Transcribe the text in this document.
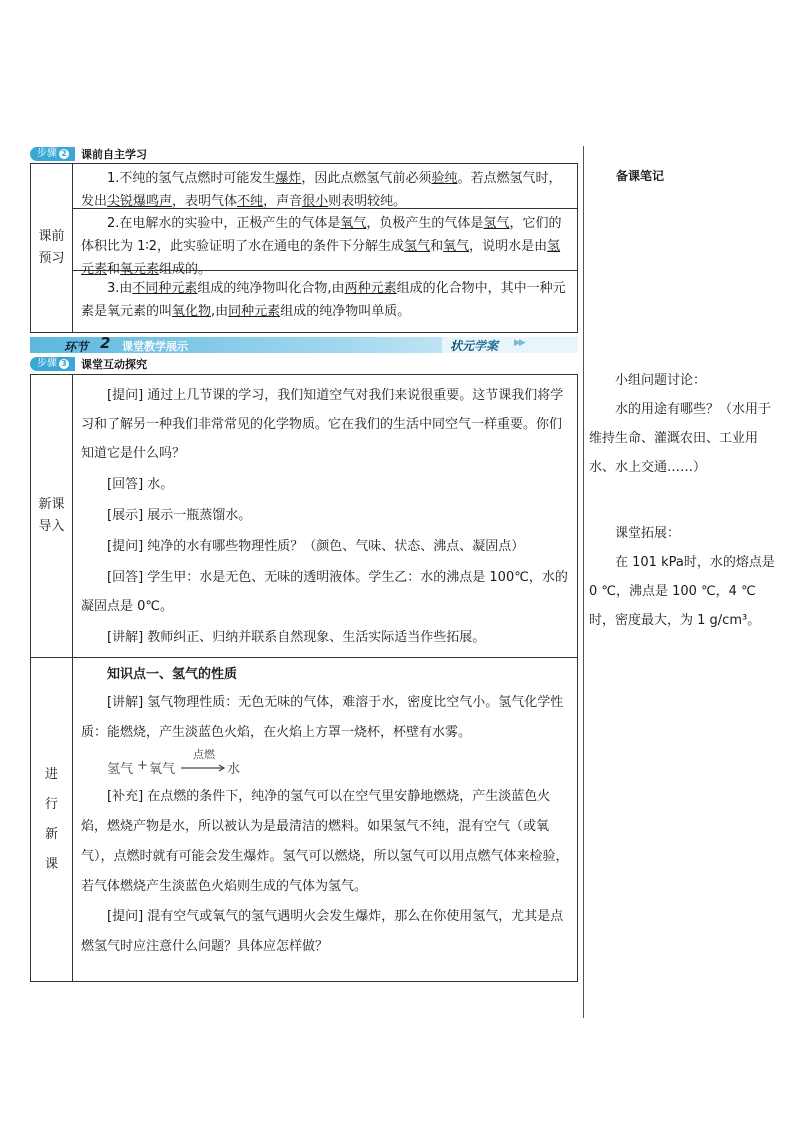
步骤 2 课前自主学习
课前预习

1.不纯的氢气点燃时可能发生爆炸，因此点燃氢气前必须验纯。若点燃氢气时，发出尖锐爆鸣声，表明气体不纯，声音很小则表明较纯。

2.在电解水的实验中，正极产生的气体是氧气，负极产生的气体是氢气，它们的体积比为 1∶2，此实验证明了水在通电的条件下分解生成氢气和氧气，说明水是由氢元素和氧元素组成的。

3.由不同种元素组成的纯净物叫化合物,由两种元素组成的化合物中，其中一种元素是氧元素的叫氧化物,由同种元素组成的纯净物叫单质。

环节 2 课堂教学展示	状元学案 ▶▶
步骤 3 课堂互动探究
新课导入

[提问] 通过上几节课的学习，我们知道空气对我们来说很重要。这节课我们将学习和了解另一种我们非常常见的化学物质。它在我们的生活中同空气一样重要。你们知道它是什么吗？

[回答] 水。

[展示] 展示一瓶蒸馏水。

[提问] 纯净的水有哪些物理性质？（颜色、气味、状态、沸点、凝固点）

[回答] 学生甲：水是无色、无味的透明液体。学生乙：水的沸点是 100℃，水的凝固点是 0℃。

[讲解] 教师纠正、归纳并联系自然现象、生活实际适当作些拓展。

进
行
新
课

知识点一、氢气的性质

[讲解] 氢气物理性质：无色无味的气体，难溶于水，密度比空气小。氢气化学性质：能燃烧，产生淡蓝色火焰，在火焰上方罩一烧杯，杯壁有水雾。

氢气 + 氧气
点燃
→ 水

[补充] 在点燃的条件下，纯净的氢气可以在空气里安静地燃烧，产生淡蓝色火焰，燃烧产物是水，所以被认为是最清洁的燃料。如果氢气不纯，混有空气（或氧气），点燃时就有可能会发生爆炸。氢气可以燃烧，所以氢气可以用点燃气体来检验，若气体燃烧产生淡蓝色火焰则生成的气体为氢气。

[提问] 混有空气或氧气的氢气遇明火会发生爆炸，那么在你使用氢气，尤其是点燃氢气时应注意什么问题？具体应怎样做？

备课笔记
小组问题讨论：
水的用途有哪些？（水用于维持生命、灌溉农田、工业用水、水上交通……）
课堂拓展：
在 101 kPa时，水的熔点是 0 ℃，沸点是 100 ℃，4 ℃时，密度最大，为 1 g/cm³。
